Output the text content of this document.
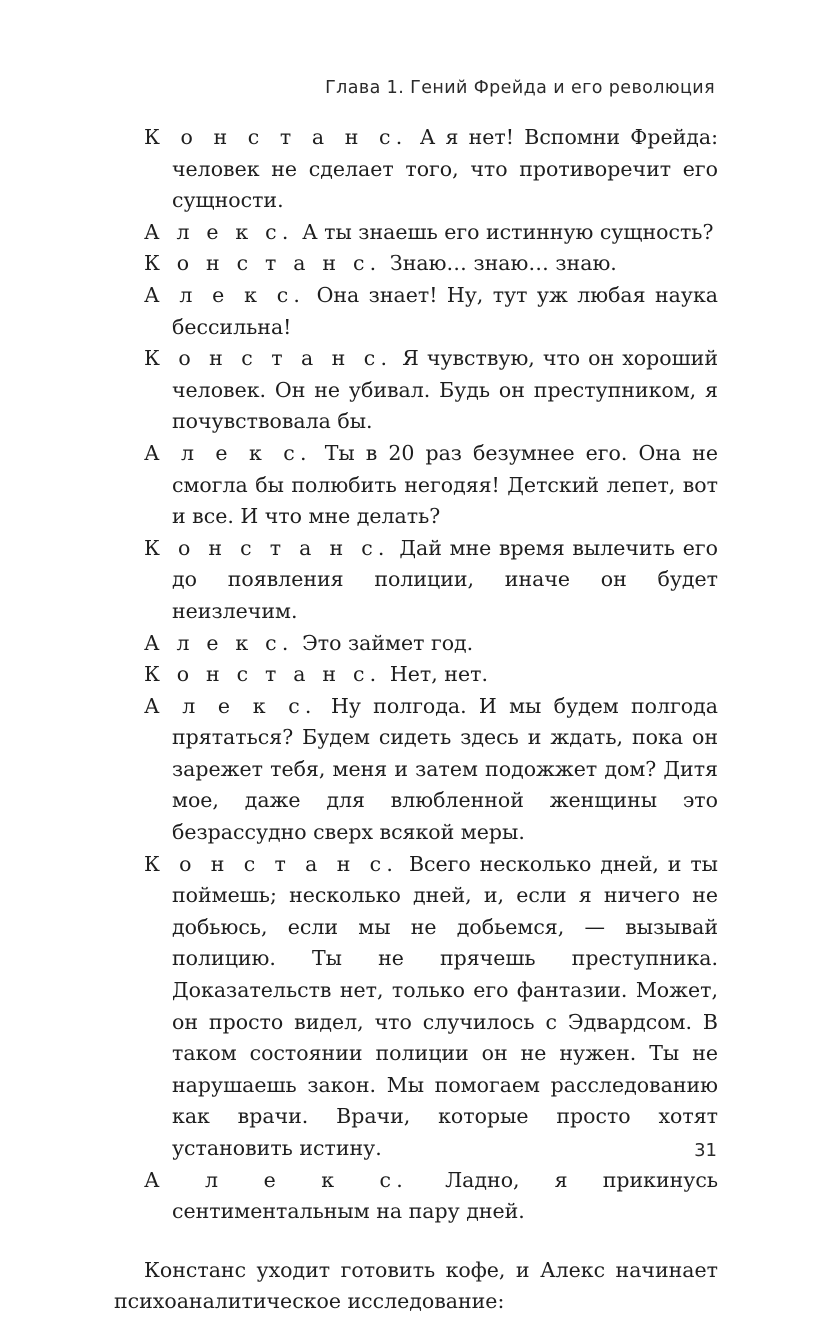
Глава 1. Гений Фрейда и его революция

К о н с т а н с. А я нет! Вспомни Фрейда: человек не сделает того, что противоречит его сущности.

А л е к с. А ты знаешь его истинную сущность?

К о н с т а н с. Знаю… знаю… знаю.

А л е к с. Она знает! Ну, тут уж любая наука бессильна!

К о н с т а н с. Я чувствую, что он хороший человек. Он не убивал. Будь он преступником, я почувствовала бы.

А л е к с. Ты в 20 раз безумнее его. Она не смогла бы полюбить негодяя! Детский лепет, вот и все. И что мне делать?

К о н с т а н с. Дай мне время вылечить его до появления полиции, иначе он будет неизлечим.

А л е к с. Это займет год.

К о н с т а н с. Нет, нет.

А л е к с. Ну полгода. И мы будем полгода прятаться? Будем сидеть здесь и ждать, пока он зарежет тебя, меня и затем подожжет дом? Дитя мое, даже для влюбленной женщины это безрассудно сверх всякой меры.

К о н с т а н с. Всего несколько дней, и ты поймешь; несколько дней, и, если я ничего не добьюсь, если мы не добьемся, — вызывай полицию. Ты не прячешь преступника. Доказательств нет, только его фантазии. Может, он просто видел, что случилось с Эдвардсом. В таком состоянии полиции он не нужен. Ты не нарушаешь закон. Мы помогаем расследованию как врачи. Врачи, которые просто хотят установить истину.

А л е к с. Ладно, я прикинусь сентиментальным на пару дней.

Констанс уходит готовить кофе, и Алекс начинает психоаналитическое исследование:

31
